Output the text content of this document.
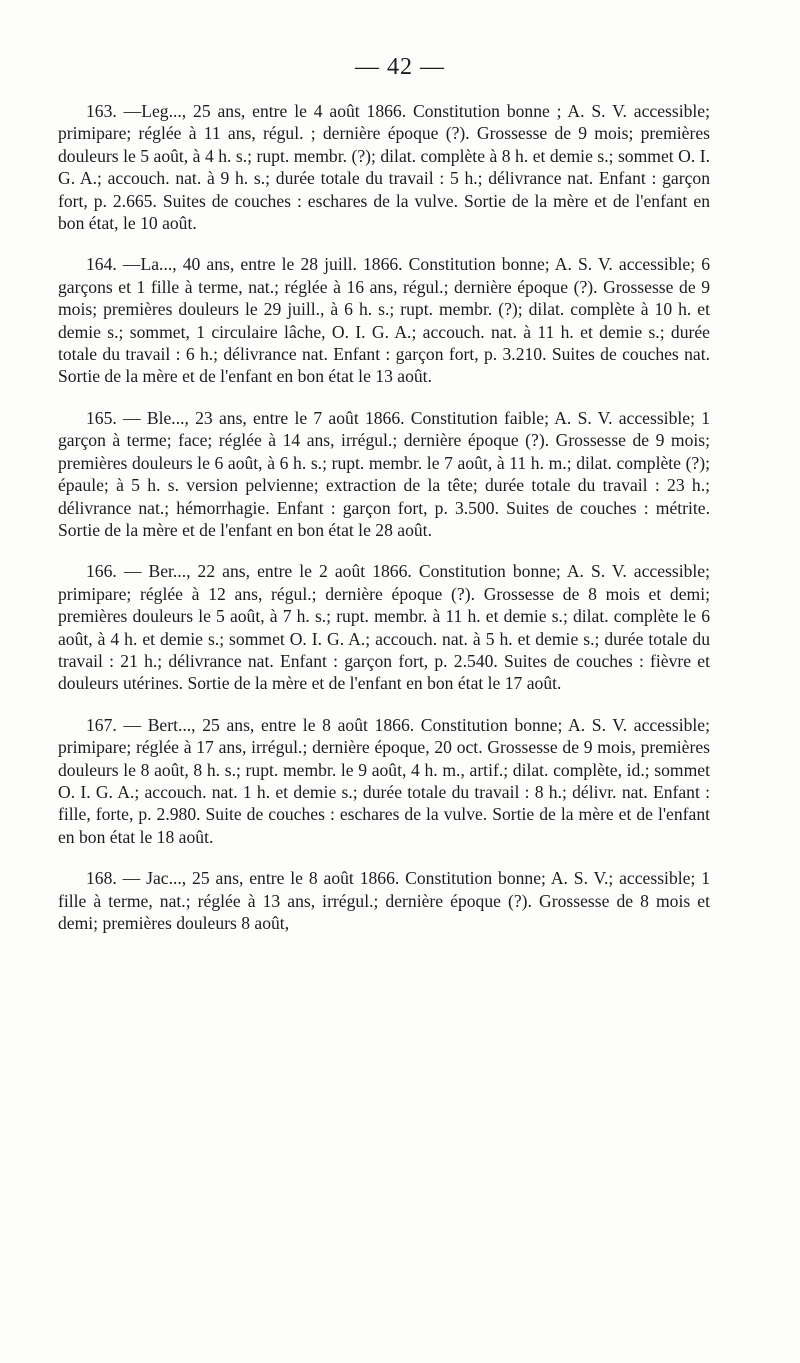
— 42 —

163. —Leg..., 25 ans, entre le 4 août 1866. Constitution bonne ; A. S. V. accessible; primipare; réglée à 11 ans, régul. ; dernière époque (?). Grossesse de 9 mois; premières douleurs le 5 août, à 4 h. s.; rupt. membr. (?); dilat. complète à 8 h. et demie s.; sommet O. I. G. A.; accouch. nat. à 9 h. s.; durée totale du travail : 5 h.; délivrance nat. Enfant : garçon fort, p. 2.665. Suites de couches : eschares de la vulve. Sortie de la mère et de l'enfant en bon état, le 10 août.

164. —La..., 40 ans, entre le 28 juill. 1866. Constitution bonne; A. S. V. accessible; 6 garçons et 1 fille à terme, nat.; réglée à 16 ans, régul.; dernière époque (?). Grossesse de 9 mois; premières douleurs le 29 juill., à 6 h. s.; rupt. membr. (?); dilat. complète à 10 h. et demie s.; sommet, 1 circulaire lâche, O. I. G. A.; accouch. nat. à 11 h. et demie s.; durée totale du travail : 6 h.; délivrance nat. Enfant : garçon fort, p. 3.210. Suites de couches nat. Sortie de la mère et de l'enfant en bon état le 13 août.

165. — Ble..., 23 ans, entre le 7 août 1866. Constitution faible; A. S. V. accessible; 1 garçon à terme; face; réglée à 14 ans, irrégul.; dernière époque (?). Grossesse de 9 mois; premières douleurs le 6 août, à 6 h. s.; rupt. membr. le 7 août, à 11 h. m.; dilat. complète (?); épaule; à 5 h. s. version pelvienne; extraction de la tête; durée totale du travail : 23 h.; délivrance nat.; hémorrhagie. Enfant : garçon fort, p. 3.500. Suites de couches : métrite. Sortie de la mère et de l'enfant en bon état le 28 août.

166. — Ber..., 22 ans, entre le 2 août 1866. Constitution bonne; A. S. V. accessible; primipare; réglée à 12 ans, régul.; dernière époque (?). Grossesse de 8 mois et demi; premières douleurs le 5 août, à 7 h. s.; rupt. membr. à 11 h. et demie s.; dilat. complète le 6 août, à 4 h. et demie s.; sommet O. I. G. A.; accouch. nat. à 5 h. et demie s.; durée totale du travail : 21 h.; délivrance nat. Enfant : garçon fort, p. 2.540. Suites de couches : fièvre et douleurs utérines. Sortie de la mère et de l'enfant en bon état le 17 août.

167. — Bert..., 25 ans, entre le 8 août 1866. Constitution bonne; A. S. V. accessible; primipare; réglée à 17 ans, irrégul.; dernière époque, 20 oct. Grossesse de 9 mois, premières douleurs le 8 août, 8 h. s.; rupt. membr. le 9 août, 4 h. m., artif.; dilat. complète, id.; sommet O. I. G. A.; accouch. nat. 1 h. et demie s.; durée totale du travail : 8 h.; délivr. nat. Enfant : fille, forte, p. 2.980. Suite de couches : eschares de la vulve. Sortie de la mère et de l'enfant en bon état le 18 août.

168. — Jac..., 25 ans, entre le 8 août 1866. Constitution bonne; A. S. V.; accessible; 1 fille à terme, nat.; réglée à 13 ans, irrégul.; dernière époque (?). Grossesse de 8 mois et demi; premières douleurs 8 août,
